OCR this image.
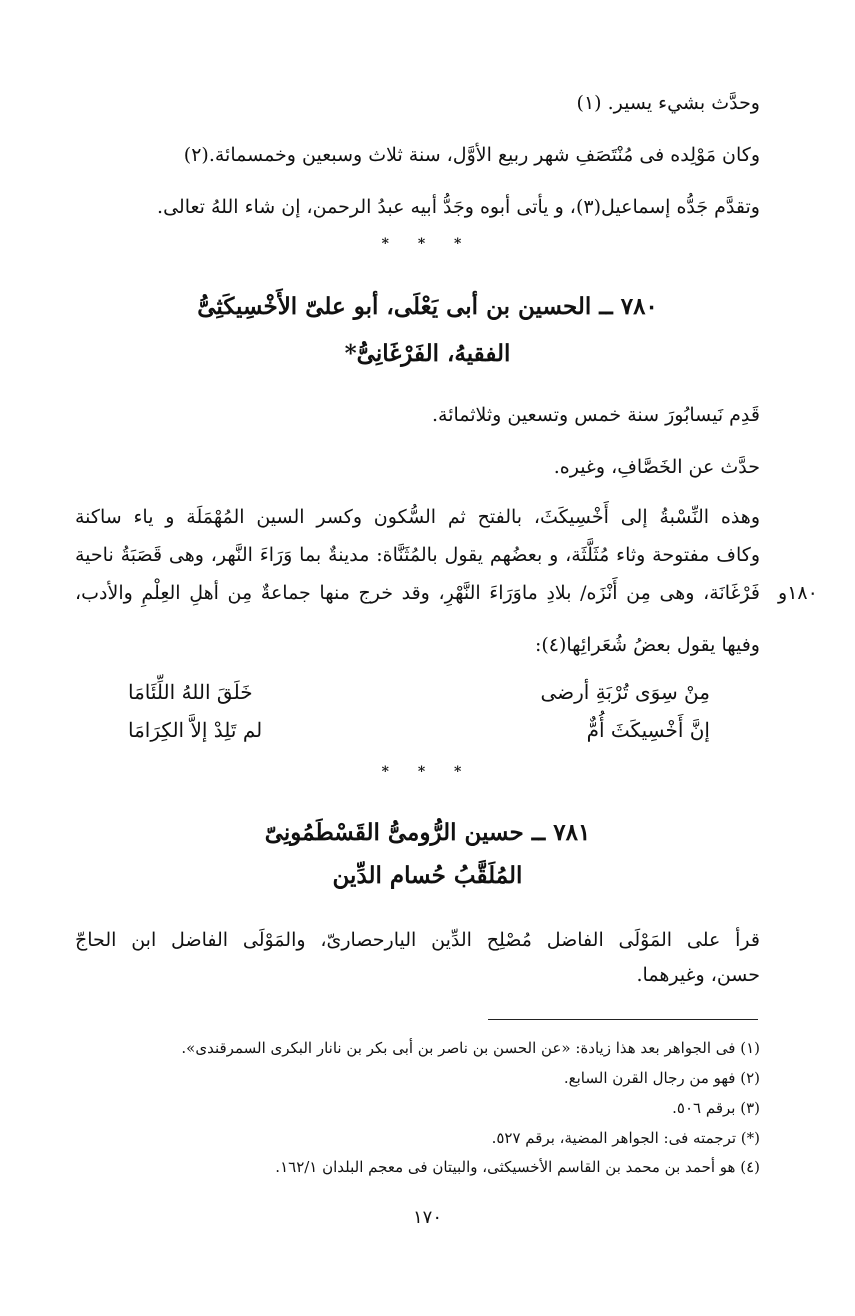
وحدَّث بشيء يسير. (١)
وكان مَوْلِده فى مُنْتَصَفِ شهر ربيع الأوَّل، سنة ثلاث وسبعين وخمسمائة.(٢)
وتقدَّم جَدُّه إسماعيل(٣)، و يأتى أبوه وجَدُّ أبيه عبدُ الرحمن، إن شاء اللهُ تعالى.
* * *
٧٨٠ ــ الحسين بن أبى يَعْلَى، أبو علىّ الأَخْسِيكَثِىُّ
الفقيهُ، الفَرْغَانِىُّ*
قَدِم نَيسابُورَ سنة خمس وتسعين وثلاثمائة.
حدَّث عن الخَصَّافِ، وغيره.
وهذه النِّسْبةُ إلى أَخْسِيكَثَ، بالفتح ثم السُّكون وكسر السين المُهْمَلَة و ياء ساكنة
وكاف مفتوحة وثاء مُثَلَّثَة، و بعضُهم يقول بالمُثَنَّاة: مدينةٌ بما وَرَاءَ النَّهر، وهى قَصَبَةُ ناحية
فَرْغَانَة، وهى مِن أَنْزَه/ بلادِ ماوَرَاءَ النَّهْرِ، وقد خرج منها جماعةٌ مِن أهلِ العِلْمِ والأدب، ١٨٠و
وفيها يقول بعضُ شُعَرائِها(٤):
مِنْ سِوَى تُرْبَةِ أرضى
خَلَقَ اللهُ اللِّئَامَا
إنَّ أَخْسِيكَثَ أُمٌّ
لم تَلِدْ إلاَّ الكِرَامَا
* * *
٧٨١ ــ حسين الرُّومىُّ القَسْطَمُونِىّ
المُلَقَّبُ حُسام الدِّين
قرأ على المَوْلَى الفاضل مُصْلِح الدِّين اليارحصارىّ، والمَوْلَى الفاضل ابن الحاجّ
حسن، وغيرهما.
(١) فى الجواهر بعد هذا زيادة: «عن الحسن بن ناصر بن أبى بكر بن نانار البكرى السمرقندى».
(٢) فهو من رجال القرن السابع.
(٣) برقم ٥٠٦.
(*) ترجمته فى: الجواهر المضية، برقم ٥٢٧.
(٤) هو أحمد بن محمد بن القاسم الأخسيكثى، والبيتان فى معجم البلدان ١٦٢/١.
١٧٠
